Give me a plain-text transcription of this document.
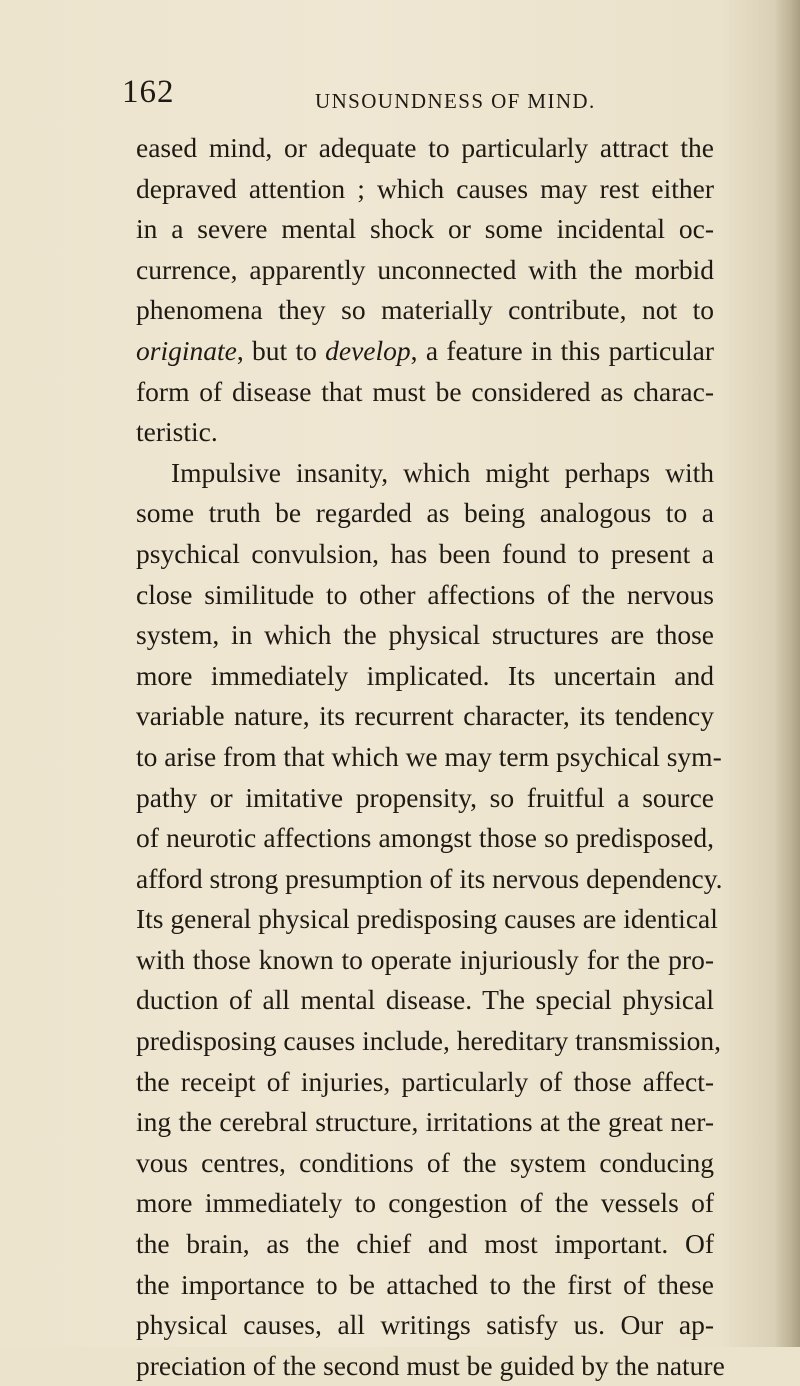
162	UNSOUNDNESS OF MIND.
eased mind, or adequate to particularly attract the
depraved attention ; which causes may rest either
in a severe mental shock or some incidental oc-
currence, apparently unconnected with the morbid
phenomena they so materially contribute, not to
originate, but to develop, a feature in this particular
form of disease that must be considered as charac-
teristic.
Impulsive insanity, which might perhaps with
some truth be regarded as being analogous to a
psychical convulsion, has been found to present a
close similitude to other affections of the nervous
system, in which the physical structures are those
more immediately implicated. Its uncertain and
variable nature, its recurrent character, its tendency
to arise from that which we may term psychical sym-
pathy or imitative propensity, so fruitful a source
of neurotic affections amongst those so predisposed,
afford strong presumption of its nervous dependency.
Its general physical predisposing causes are identical
with those known to operate injuriously for the pro-
duction of all mental disease. The special physical
predisposing causes include, hereditary transmission,
the receipt of injuries, particularly of those affect-
ing the cerebral structure, irritations at the great ner-
vous centres, conditions of the system conducing
more immediately to congestion of the vessels of
the brain, as the chief and most important. Of
the importance to be attached to the first of these
physical causes, all writings satisfy us. Our ap-
preciation of the second must be guided by the nature
